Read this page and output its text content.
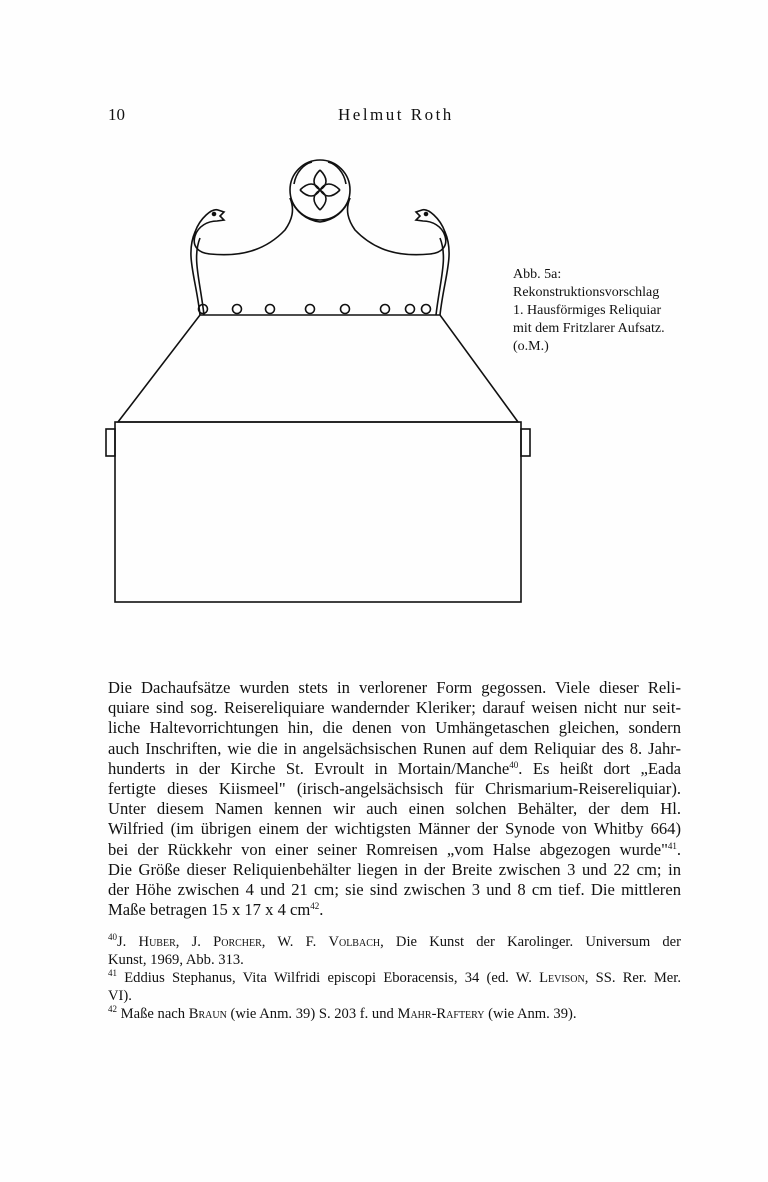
10	Helmut Roth
Abb. 5a:
Rekonstruktionsvorschlag
1. Hausförmiges Reliquiar
mit dem Fritzlarer Aufsatz.
(o.M.)
Die Dachaufsätze wurden stets in verlorener Form gegossen. Viele dieser Reli-
quiare sind sog. Reisereliquiare wandernder Kleriker; darauf weisen nicht nur seit-
liche Haltevorrichtungen hin, die denen von Umhängetaschen gleichen, sondern
auch Inschriften, wie die in angelsächsischen Runen auf dem Reliquiar des 8. Jahr-
hunderts in der Kirche St. Evroult in Mortain/Manche$^{40}$. Es heißt dort „Eada
fertigte dieses Kiismeel" (irisch-angelsächsisch für Chrismarium-Reisereliquiar).
Unter diesem Namen kennen wir auch einen solchen Behälter, der dem Hl.
Wilfried (im übrigen einem der wichtigsten Männer der Synode von Whitby 664)
bei der Rückkehr von einer seiner Romreisen „vom Halse abgezogen wurde"$^{41}$.
Die Größe dieser Reliquienbehälter liegen in der Breite zwischen 3 und 22 cm; in
der Höhe zwischen 4 und 21 cm; sie sind zwischen 3 und 8 cm tief. Die mittleren
Maße betragen 15 x 17 x 4 $cm^{42}$.
$^{40}$J. Huber, J. Porcher, W. F. Volbach, Die Kunst der Karolinger. Universum der
Kunst, 1969, Abb. 313.
$^{41}$ Eddius Stephanus, Vita Wilfridi episcopi Eboracensis, 34 (ed. W. Levison, SS. Rer. Mer.
VI).
$^{42}$ Maße nach Braun (wie Anm. 39) S. 203 f. und Mahr-Raftery (wie Anm. 39).
